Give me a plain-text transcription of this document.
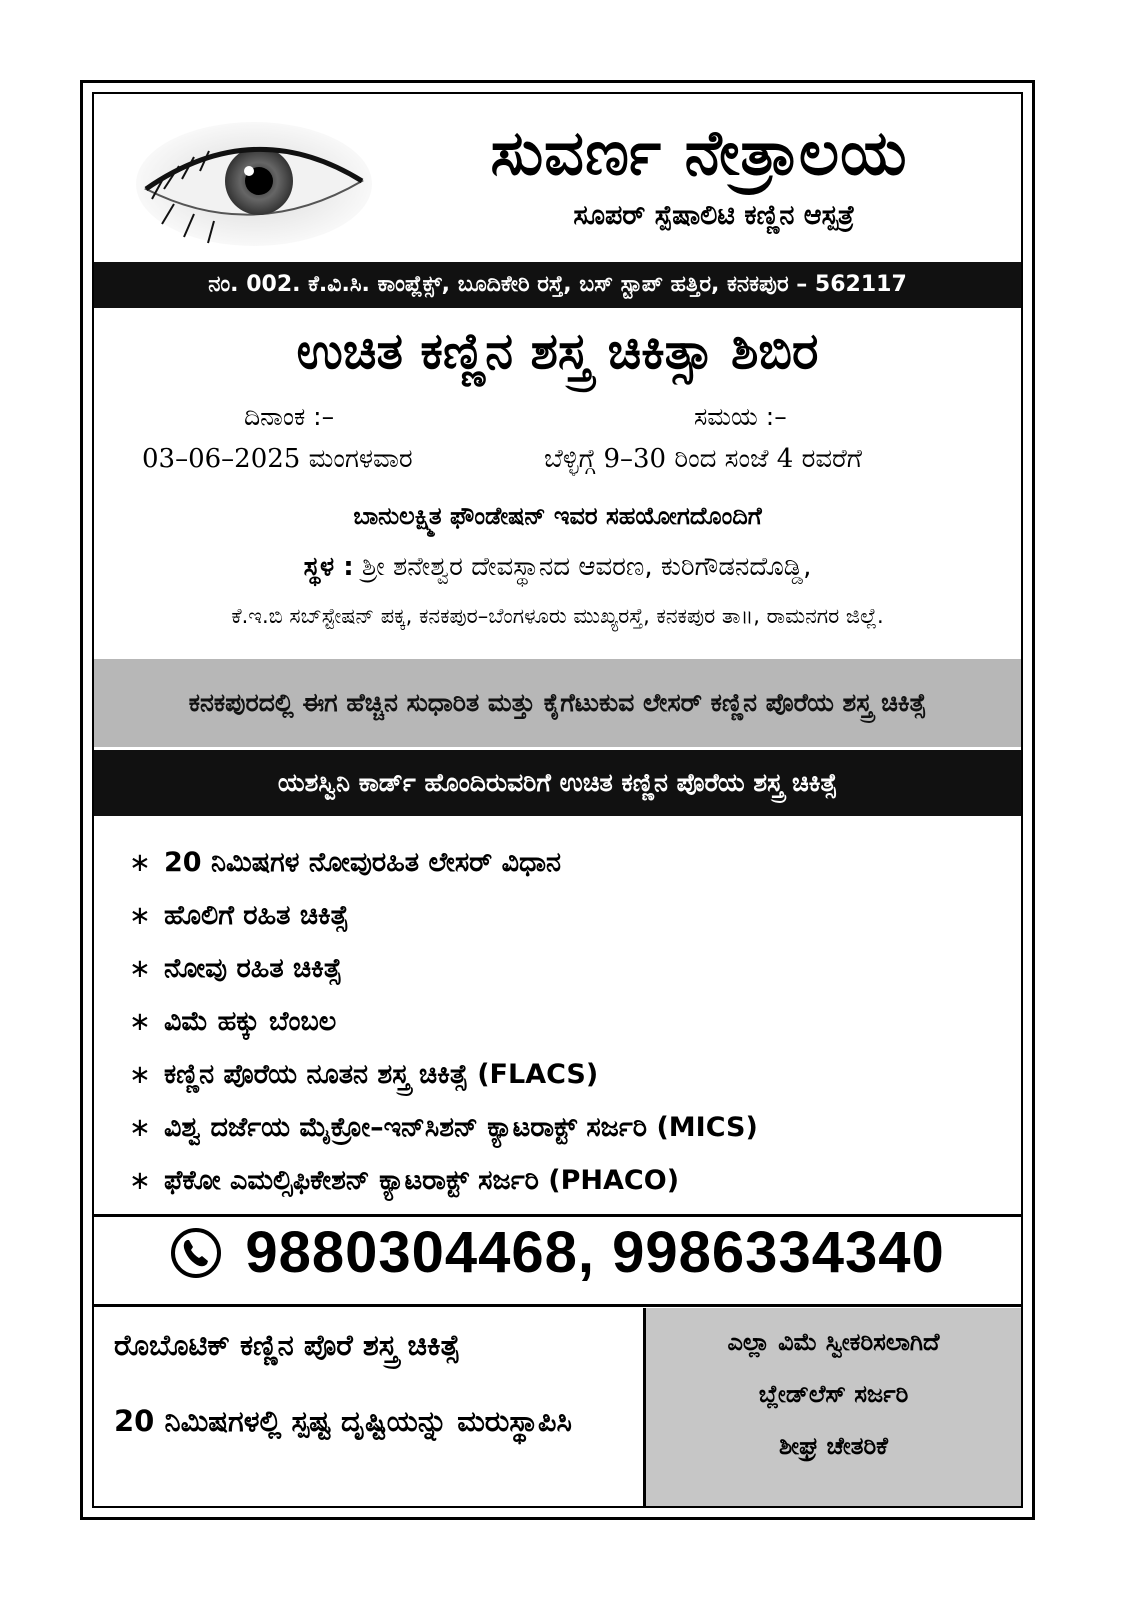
ಸುವರ್ಣ ನೇತ್ರಾಲಯ
ಸೂಪರ್ ಸ್ಪೆಷಾಲಿಟಿ ಕಣ್ಣಿನ ಆಸ್ಪತ್ರೆ
ನಂ. 002. ಕೆ.ವಿ.ಸಿ. ಕಾಂಪ್ಲೆಕ್ಸ್, ಬೂದಿಕೇರಿ ರಸ್ತೆ, ಬಸ್ ಸ್ಟಾಪ್ ಹತ್ತಿರ, ಕನಕಪುರ – 562117
ಉಚಿತ ಕಣ್ಣಿನ ಶಸ್ತ್ರ ಚಿಕಿತ್ಸಾ ಶಿಬಿರ
ದಿನಾಂಕ :–	ಸಮಯ :–
03–06–2025 ಮಂಗಳವಾರ	ಬೆಳ್ಳಿಗ್ಗೆ 9–30 ರಿಂದ ಸಂಜೆ 4 ರವರೆಗೆ
ಬಾನುಲಕ್ಷ್ಮಿತ ಫೌಂಡೇಷನ್ ಇವರ ಸಹಯೋಗದೊಂದಿಗೆ
ಸ್ಥಳ : ಶ್ರೀ ಶನೇಶ್ವರ ದೇವಸ್ಥಾನದ ಆವರಣ, ಕುರಿಗೌಡನದೊಡ್ಡಿ,
ಕೆ.ಇ.ಬಿ ಸಬ್‌ಸ್ಟೇಷನ್ ಪಕ್ಕ, ಕನಕಪುರ–ಬೆಂಗಳೂರು ಮುಖ್ಯರಸ್ತೆ, ಕನಕಪುರ ತಾ॥, ರಾಮನಗರ ಜಿಲ್ಲೆ.
ಕನಕಪುರದಲ್ಲಿ ಈಗ ಹೆಚ್ಚಿನ ಸುಧಾರಿತ ಮತ್ತು ಕೈಗೆಟುಕುವ ಲೇಸರ್ ಕಣ್ಣಿನ ಪೊರೆಯ ಶಸ್ತ್ರ ಚಿಕಿತ್ಸೆ
ಯಶಸ್ವಿನಿ ಕಾರ್ಡ್ ಹೊಂದಿರುವರಿಗೆ ಉಚಿತ ಕಣ್ಣಿನ ಪೊರೆಯ ಶಸ್ತ್ರ ಚಿಕಿತ್ಸೆ
∗ 20 ನಿಮಿಷಗಳ ನೋವುರಹಿತ ಲೇಸರ್ ವಿಧಾನ
∗ ಹೊಲಿಗೆ ರಹಿತ ಚಿಕಿತ್ಸೆ
∗ ನೋವು ರಹಿತ ಚಿಕಿತ್ಸೆ
∗ ವಿಮೆ ಹಕ್ಕು ಬೆಂಬಲ
∗ ಕಣ್ಣಿನ ಪೊರೆಯ ನೂತನ ಶಸ್ತ್ರ ಚಿಕಿತ್ಸೆ (FLACS)
∗ ವಿಶ್ವ ದರ್ಜೆಯ ಮೈಕ್ರೋ–ಇನ್‌ಸಿಶನ್ ಕ್ಯಾಟರಾಕ್ಟ್ ಸರ್ಜರಿ (MICS)
∗ ಫೆಕೋ ಎಮಲ್ಸಿಫಿಕೇಶನ್ ಕ್ಯಾಟರಾಕ್ಟ್ ಸರ್ಜರಿ (PHACO)
9880304468, 9986334340
ರೊಬೊಟಿಕ್ ಕಣ್ಣಿನ ಪೊರೆ ಶಸ್ತ್ರ ಚಿಕಿತ್ಸೆ
20 ನಿಮಿಷಗಳಲ್ಲಿ ಸ್ಪಷ್ಟ ದೃಷ್ಟಿಯನ್ನು ಮರುಸ್ಥಾಪಿಸಿ
ಎಲ್ಲಾ ವಿಮೆ ಸ್ವೀಕರಿಸಲಾಗಿದೆ
ಬ್ಲೇಡ್‌ಲೆಸ್ ಸರ್ಜರಿ
ಶೀಘ್ರ ಚೇತರಿಕೆ
